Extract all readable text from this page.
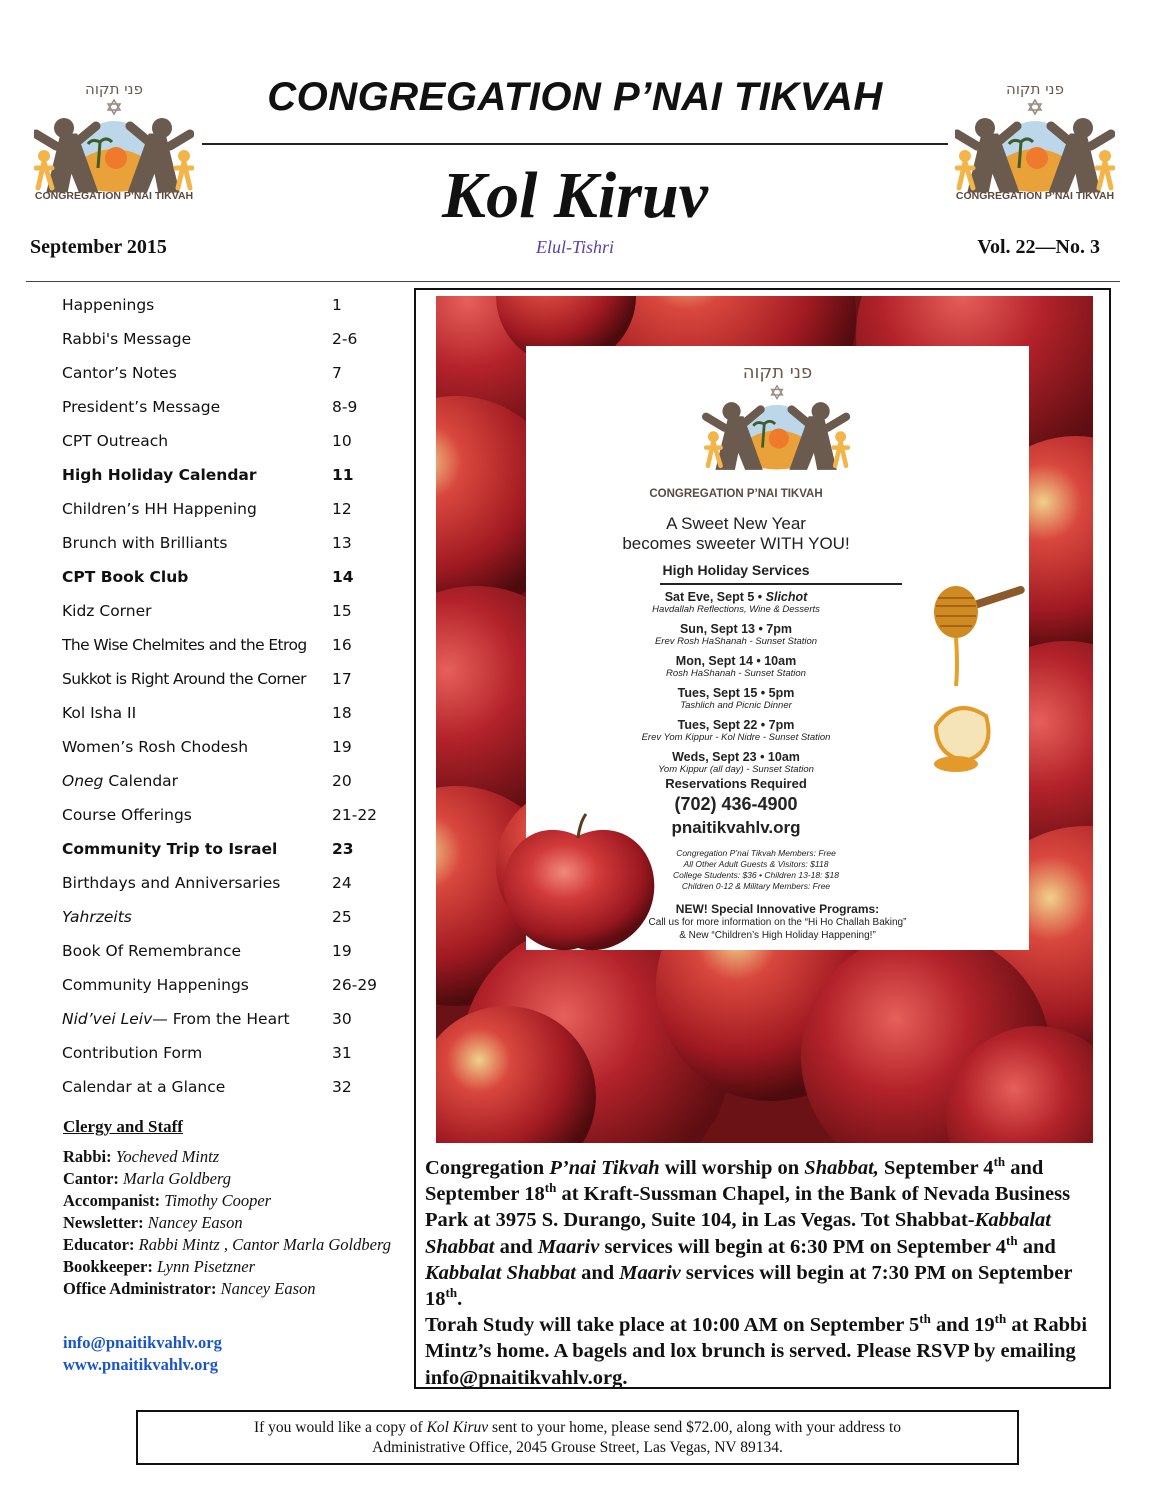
פני תקוה
CONGREGATION P’NAI TIKVAH
פני תקוה
CONGREGATION P’NAI TIKVAH
CONGREGATION P’NAI TIKVAH
Kol Kiruv
September 2015	Elul-Tishri	Vol. 22—No. 3
Happenings	1
Rabbi's Message	2-6
Cantor’s Notes	7
President’s Message	8-9
CPT Outreach	10
High Holiday Calendar	11
Children’s HH Happening	12
Brunch with Brilliants	13
CPT Book Club	14
Kidz Corner	15
The Wise Chelmites and the Etrog	16
Sukkot is Right Around the Corner	17
Kol Isha II	18
Women’s Rosh Chodesh	19
Oneg Calendar	20
Course Offerings	21-22
Community Trip to Israel	23
Birthdays and Anniversaries	24
Yahrzeits	25
Book Of Remembrance	19
Community Happenings	26-29
Nid’vei Leiv— From the Heart	30
Contribution Form	31
Calendar at a Glance	32
Clergy and Staff
Rabbi: Yocheved Mintz
Cantor: Marla Goldberg
Accompanist: Timothy Cooper
Newsletter: Nancey Eason
Educator: Rabbi Mintz , Cantor Marla Goldberg
Bookkeeper: Lynn Pisetzner
Office Administrator: Nancey Eason
info@pnaitikvahlv.org
www.pnaitikvahlv.org
פני תקוה
CONGREGATION P’NAI TIKVAH
A Sweet New Year
becomes sweeter WITH YOU!
High Holiday Services
Sat Eve, Sept 5 • Slichot
Havdallah Reflections, Wine & Desserts
Sun, Sept 13 • 7pm
Erev Rosh HaShanah - Sunset Station
Mon, Sept 14 • 10am
Rosh HaShanah - Sunset Station
Tues, Sept 15 • 5pm
Tashlich and Picnic Dinner
Tues, Sept 22 • 7pm
Erev Yom Kippur - Kol Nidre - Sunset Station
Weds, Sept 23 • 10am
Yom Kippur (all day) - Sunset Station
Reservations Required
(702) 436-4900
pnaitikvahlv.org
Congregation P’nai Tikvah Members: Free
All Other Adult Guests & Visitors: $118
College Students: $36 • Children 13-18: $18
Children 0-12 & Military Members: Free
NEW! Special Innovative Programs:
Call us for more information on the “Hi Ho Challah Baking”
& New “Children’s High Holiday Happening!”
Congregation P’nai Tikvah will worship on Shabbat, September 4th and September 18th at Kraft-Sussman Chapel, in the Bank of Nevada Business Park at 3975 S. Durango, Suite 104, in Las Vegas. Tot Shabbat-Kabbalat Shabbat and Maariv services will begin at 6:30 PM on September 4th and Kabbalat Shabbat and Maariv services will begin at 7:30 PM on September 18th.
Torah Study will take place at 10:00 AM on September 5th and 19th at Rabbi Mintz’s home. A bagels and lox brunch is served. Please RSVP by emailing info@pnaitikvahlv.org.
If you would like a copy of Kol Kiruv sent to your home, please send $72.00, along with your address to
Administrative Office, 2045 Grouse Street, Las Vegas, NV 89134.
